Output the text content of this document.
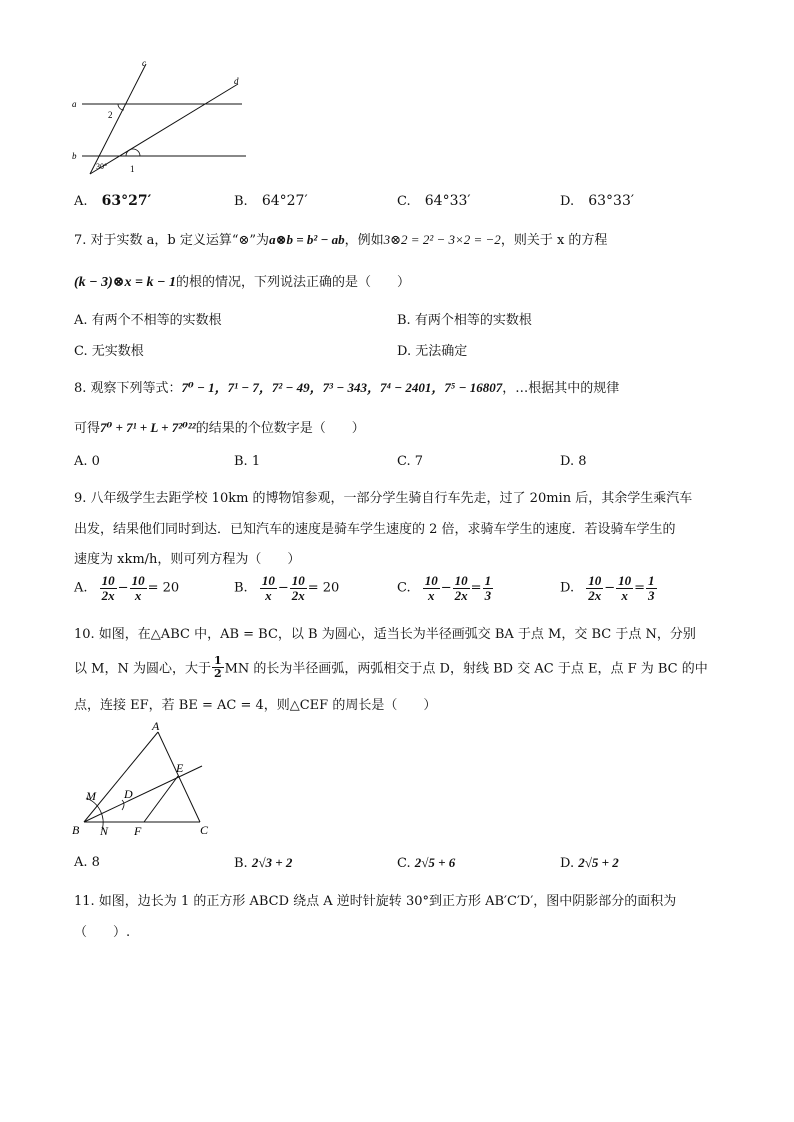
c
d
a
b
2
1
30°
A. 63°27′	B. 64°27′	C. 64°33′	D. 63°33′
7. 对于实数 a，b 定义运算“⊗”为a⊗b = b² − ab，例如3⊗2 = 2² − 3×2 = −2，则关于 x 的方程
(k − 3)⊗x = k − 1的根的情况，下列说法正确的是（　　）
A. 有两个不相等的实数根	B. 有两个相等的实数根
C. 无实数根	D. 无法确定
8. 观察下列等式：7⁰ − 1，7¹ − 7，7² − 49，7³ − 343，7⁴ − 2401，7⁵ − 16807，…根据其中的规律
可得7⁰ + 7¹ + L + 7²⁰²²的结果的个位数字是（　　）
A. 0	B. 1	C. 7	D. 8
9. 八年级学生去距学校 10km 的博物馆参观，一部分学生骑自行车先走，过了 20min 后，其余学生乘汽车
出发，结果他们同时到达．已知汽车的速度是骑车学生速度的 2 倍，求骑车学生的速度．若设骑车学生的
速度为 xkm/h，则可列方程为（　　）
A. $\frac{10}{2x} - \frac{10}{x} = 20$	B. $\frac{10}{x} - \frac{10}{2x} = 20$	C. $\frac{10}{x} - \frac{10}{2x} = \frac{1}{3}$	D. $\frac{10}{2x} - \frac{10}{x} = \frac{1}{3}$
10. 如图，在△ABC 中，AB = BC，以 B 为圆心，适当长为半径画弧交 BA 于点 M，交 BC 于点 N，分别
以 M，N 为圆心，大于 $\frac{1}{2}$ MN 的长为半径画弧，两弧相交于点 D，射线 BD 交 AC 于点 E，点 F 为 BC 的中
点，连接 EF，若 BE = AC = 4，则△CEF 的周长是（　　）
A
B	C
D
E
F
M
N
A. 8	B. 2√3 + 2	C. 2√5 + 6	D. 2√5 + 2
11. 如图，边长为 1 的正方形 ABCD 绕点 A 逆时针旋转 30°到正方形 AB′C′D′，图中阴影部分的面积为
（　　）.
